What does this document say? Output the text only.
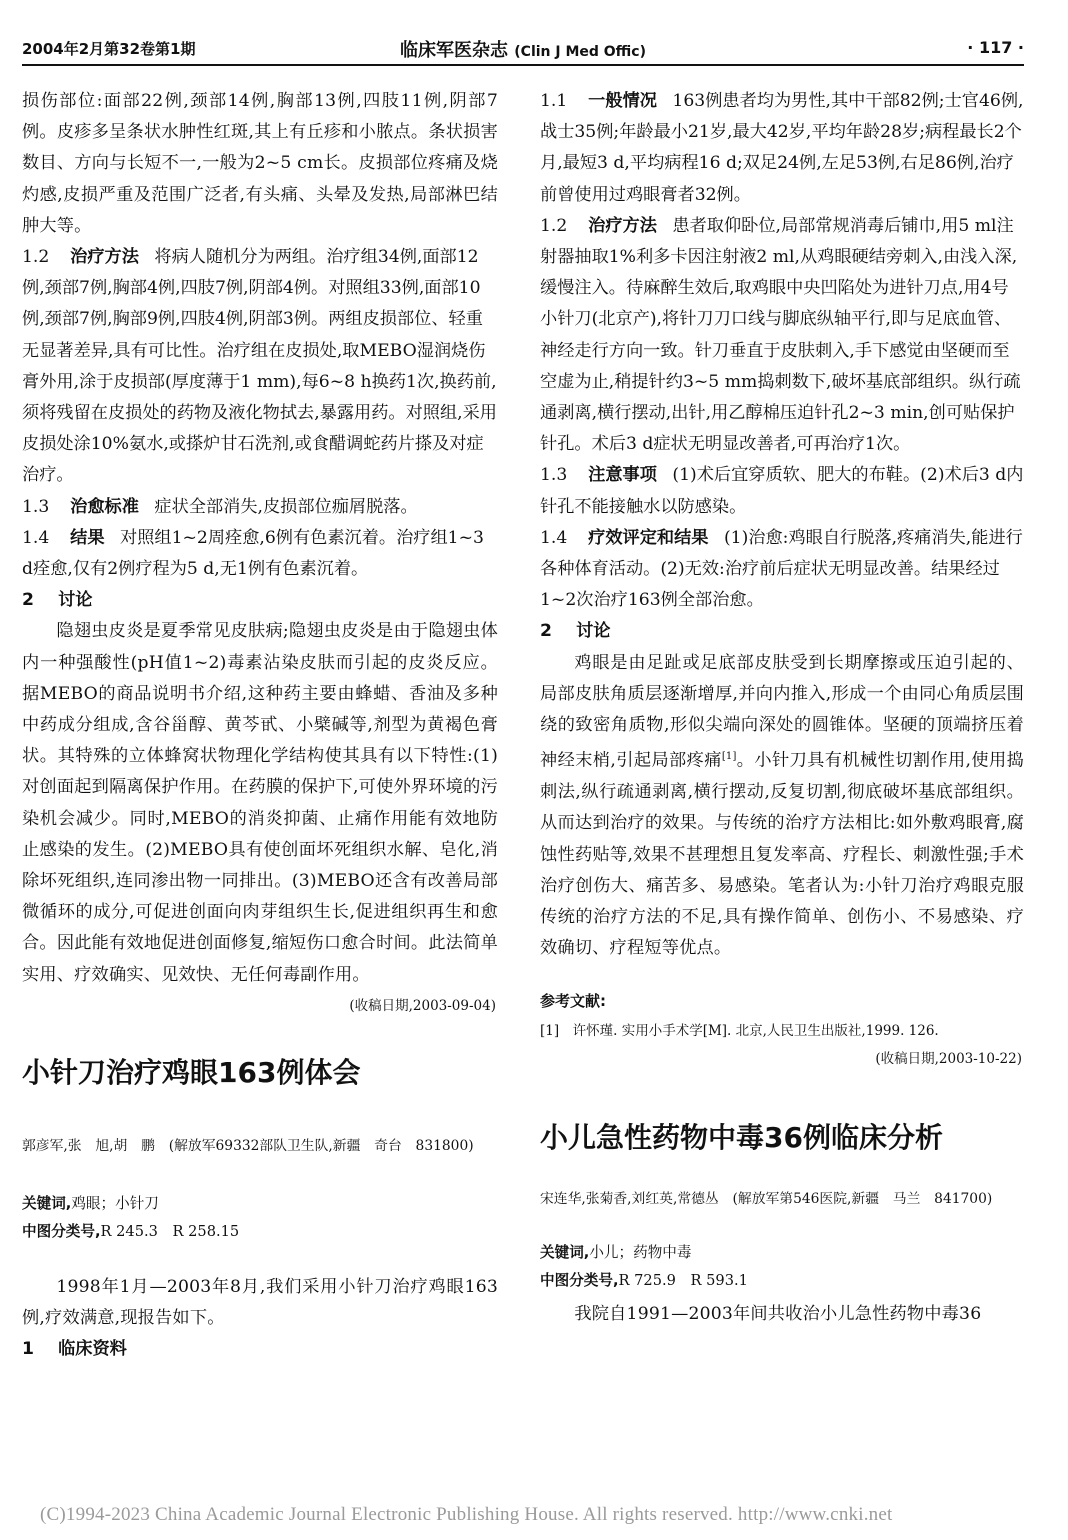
2004年2月第32卷第1期	临床军医杂志 (Clin J Med Offic)	· 117 ·

损伤部位:面部22例,颈部14例,胸部13例,四肢11例,阴部7例。皮疹多呈条状水肿性红斑,其上有丘疹和小脓点。条状损害数目、方向与长短不一,一般为2~5 cm长。皮损部位疼痛及烧灼感,皮损严重及范围广泛者,有头痛、头晕及发热,局部淋巴结肿大等。

1.2 治疗方法 将病人随机分为两组。治疗组34例,面部12例,颈部7例,胸部4例,四肢7例,阴部4例。对照组33例,面部10例,颈部7例,胸部9例,四肢4例,阴部3例。两组皮损部位、轻重无显著差异,具有可比性。治疗组在皮损处,取MEBO湿润烧伤膏外用,涂于皮损部(厚度薄于1 mm),每6~8 h换药1次,换药前,须将残留在皮损处的药物及液化物拭去,暴露用药。对照组,采用皮损处涂10%氨水,或搽炉甘石洗剂,或食醋调蛇药片搽及对症治疗。

1.3 治愈标准 症状全部消失,皮损部位痂屑脱落。

1.4 结果 对照组1~2周痊愈,6例有色素沉着。治疗组1~3 d痊愈,仅有2例疗程为5 d,无1例有色素沉着。

2 讨论

隐翅虫皮炎是夏季常见皮肤病;隐翅虫皮炎是由于隐翅虫体内一种强酸性(pH值1~2)毒素沾染皮肤而引起的皮炎反应。据MEBO的商品说明书介绍,这种药主要由蜂蜡、香油及多种中药成分组成,含谷甾醇、黄芩甙、小檗碱等,剂型为黄褐色膏状。其特殊的立体蜂窝状物理化学结构使其具有以下特性:(1)对创面起到隔离保护作用。在药膜的保护下,可使外界环境的污染机会减少。同时,MEBO的消炎抑菌、止痛作用能有效地防止感染的发生。(2)MEBO具有使创面坏死组织水解、皂化,消除坏死组织,连同渗出物一同排出。(3)MEBO还含有改善局部微循环的成分,可促进创面向肉芽组织生长,促进组织再生和愈合。因此能有效地促进创面修复,缩短伤口愈合时间。此法简单实用、疗效确实、见效快、无任何毒副作用。

(收稿日期,2003-09-04)

小针刀治疗鸡眼163例体会

郭彦军,张　旭,胡　鹏　(解放军69332部队卫生队,新疆　奇台　831800)

关键词,鸡眼；小针刀

中图分类号,R 245.3　R 258.15

1998年1月—2003年8月,我们采用小针刀治疗鸡眼163例,疗效满意,现报告如下。

1 临床资料

1.1 一般情况 163例患者均为男性,其中干部82例;士官46例,战士35例;年龄最小21岁,最大42岁,平均年龄28岁;病程最长2个月,最短3 d,平均病程16 d;双足24例,左足53例,右足86例,治疗前曾使用过鸡眼膏者32例。

1.2 治疗方法 患者取仰卧位,局部常规消毒后铺巾,用5 ml注射器抽取1%利多卡因注射液2 ml,从鸡眼硬结旁刺入,由浅入深,缓慢注入。待麻醉生效后,取鸡眼中央凹陷处为进针刀点,用4号小针刀(北京产),将针刀刀口线与脚底纵轴平行,即与足底血管、神经走行方向一致。针刀垂直于皮肤刺入,手下感觉由坚硬而至空虚为止,稍提针约3~5 mm捣刺数下,破坏基底部组织。纵行疏通剥离,横行摆动,出针,用乙醇棉压迫针孔2~3 min,创可贴保护针孔。术后3 d症状无明显改善者,可再治疗1次。

1.3 注意事项 (1)术后宜穿质软、肥大的布鞋。(2)术后3 d内针孔不能接触水以防感染。

1.4 疗效评定和结果 (1)治愈:鸡眼自行脱落,疼痛消失,能进行各种体育活动。(2)无效:治疗前后症状无明显改善。结果经过1~2次治疗163例全部治愈。

2 讨论

鸡眼是由足趾或足底部皮肤受到长期摩擦或压迫引起的、局部皮肤角质层逐渐增厚,并向内推入,形成一个由同心角质层围绕的致密角质物,形似尖端向深处的圆锥体。坚硬的顶端挤压着神经末梢,引起局部疼痛[1]。小针刀具有机械性切割作用,使用捣刺法,纵行疏通剥离,横行摆动,反复切割,彻底破坏基底部组织。从而达到治疗的效果。与传统的治疗方法相比:如外敷鸡眼膏,腐蚀性药贴等,效果不甚理想且复发率高、疗程长、刺激性强;手术治疗创伤大、痛苦多、易感染。笔者认为:小针刀治疗鸡眼克服传统的治疗方法的不足,具有操作简单、创伤小、不易感染、疗效确切、疗程短等优点。

参考文献:

[1]　许怀瑾. 实用小手术学[M]. 北京,人民卫生出版社,1999. 126.

(收稿日期,2003-10-22)

小儿急性药物中毒36例临床分析

宋连华,张菊香,刘红英,常德丛　(解放军第546医院,新疆　马兰　841700)

关键词,小儿；药物中毒

中图分类号,R 725.9　R 593.1

我院自1991—2003年间共收治小儿急性药物中毒36

(C)1994-2023 China Academic Journal Electronic Publishing House. All rights reserved. http://www.cnki.net
